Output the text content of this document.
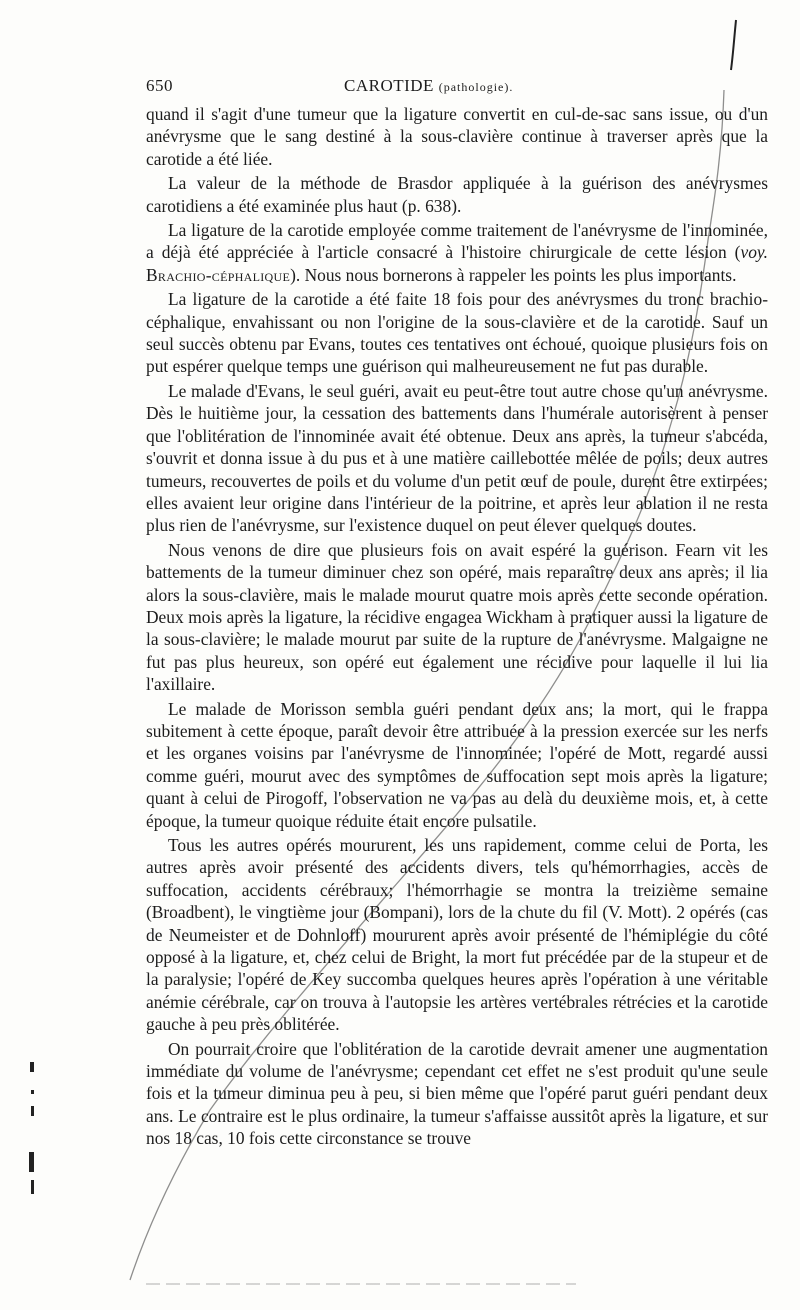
650	CAROTIDE (pathologie).

quand il s'agit d'une tumeur que la ligature convertit en cul-de-sac sans issue, ou d'un anévrysme que le sang destiné à la sous-clavière continue à traverser après que la carotide a été liée.

La valeur de la méthode de Brasdor appliquée à la guérison des anévrysmes carotidiens a été examinée plus haut (p. 638).

La ligature de la carotide employée comme traitement de l'anévrysme de l'innominée, a déjà été appréciée à l'article consacré à l'histoire chirurgicale de cette lésion (voy. Brachio-céphalique). Nous nous bornerons à rappeler les points les plus importants.

La ligature de la carotide a été faite 18 fois pour des anévrysmes du tronc brachio-céphalique, envahissant ou non l'origine de la sous-clavière et de la carotide. Sauf un seul succès obtenu par Evans, toutes ces tentatives ont échoué, quoique plusieurs fois on put espérer quelque temps une guérison qui malheureusement ne fut pas durable.

Le malade d'Evans, le seul guéri, avait eu peut-être tout autre chose qu'un anévrysme. Dès le huitième jour, la cessation des battements dans l'humérale autorisèrent à penser que l'oblitération de l'innominée avait été obtenue. Deux ans après, la tumeur s'abcéda, s'ouvrit et donna issue à du pus et à une matière caillebottée mêlée de poils; deux autres tumeurs, recouvertes de poils et du volume d'un petit œuf de poule, durent être extirpées; elles avaient leur origine dans l'intérieur de la poitrine, et après leur ablation il ne resta plus rien de l'anévrysme, sur l'existence duquel on peut élever quelques doutes.

Nous venons de dire que plusieurs fois on avait espéré la guérison. Fearn vit les battements de la tumeur diminuer chez son opéré, mais reparaître deux ans après; il lia alors la sous-clavière, mais le malade mourut quatre mois après cette seconde opération. Deux mois après la ligature, la récidive engagea Wickham à pratiquer aussi la ligature de la sous-clavière; le malade mourut par suite de la rupture de l'anévrysme. Malgaigne ne fut pas plus heureux, son opéré eut également une récidive pour laquelle il lui lia l'axillaire.

Le malade de Morisson sembla guéri pendant deux ans; la mort, qui le frappa subitement à cette époque, paraît devoir être attribuée à la pression exercée sur les nerfs et les organes voisins par l'anévrysme de l'innominée; l'opéré de Mott, regardé aussi comme guéri, mourut avec des symptômes de suffocation sept mois après la ligature; quant à celui de Pirogoff, l'observation ne va pas au delà du deuxième mois, et, à cette époque, la tumeur quoique réduite était encore pulsatile.

Tous les autres opérés moururent, les uns rapidement, comme celui de Porta, les autres après avoir présenté des accidents divers, tels qu'hémorrhagies, accès de suffocation, accidents cérébraux; l'hémorrhagie se montra la treizième semaine (Broadbent), le vingtième jour (Bompani), lors de la chute du fil (V. Mott). 2 opérés (cas de Neumeister et de Dohnloff) moururent après avoir présenté de l'hémiplégie du côté opposé à la ligature, et, chez celui de Bright, la mort fut précédée par de la stupeur et de la paralysie; l'opéré de Key succomba quelques heures après l'opération à une véritable anémie cérébrale, car on trouva à l'autopsie les artères vertébrales rétrécies et la carotide gauche à peu près oblitérée.

On pourrait croire que l'oblitération de la carotide devrait amener une augmentation immédiate du volume de l'anévrysme; cependant cet effet ne s'est produit qu'une seule fois et la tumeur diminua peu à peu, si bien même que l'opéré parut guéri pendant deux ans. Le contraire est le plus ordinaire, la tumeur s'affaisse aussitôt après la ligature, et sur nos 18 cas, 10 fois cette circonstance se trouve
